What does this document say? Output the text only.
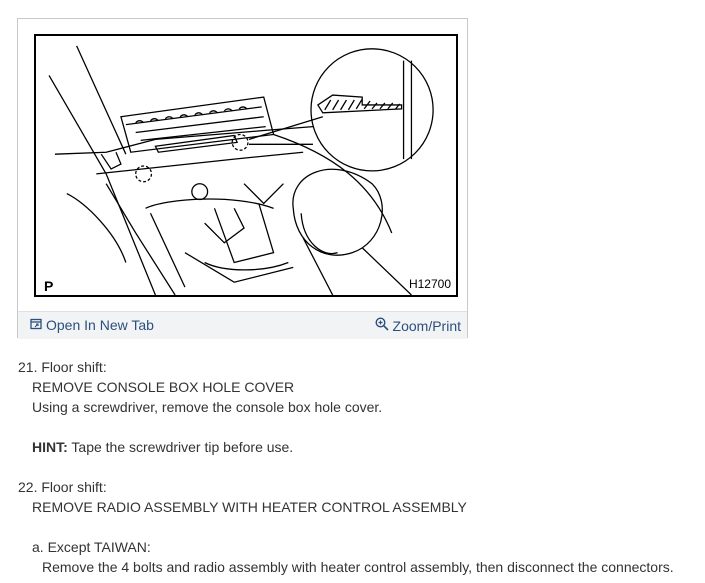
P	H12700
Open In New Tab	Zoom/Print

21. Floor shift:

REMOVE CONSOLE BOX HOLE COVER

Using a screwdriver, remove the console box hole cover.

HINT: Tape the screwdriver tip before use.

22. Floor shift:

REMOVE RADIO ASSEMBLY WITH HEATER CONTROL ASSEMBLY

a. Except TAIWAN:

Remove the 4 bolts and radio assembly with heater control assembly, then disconnect the connectors.
